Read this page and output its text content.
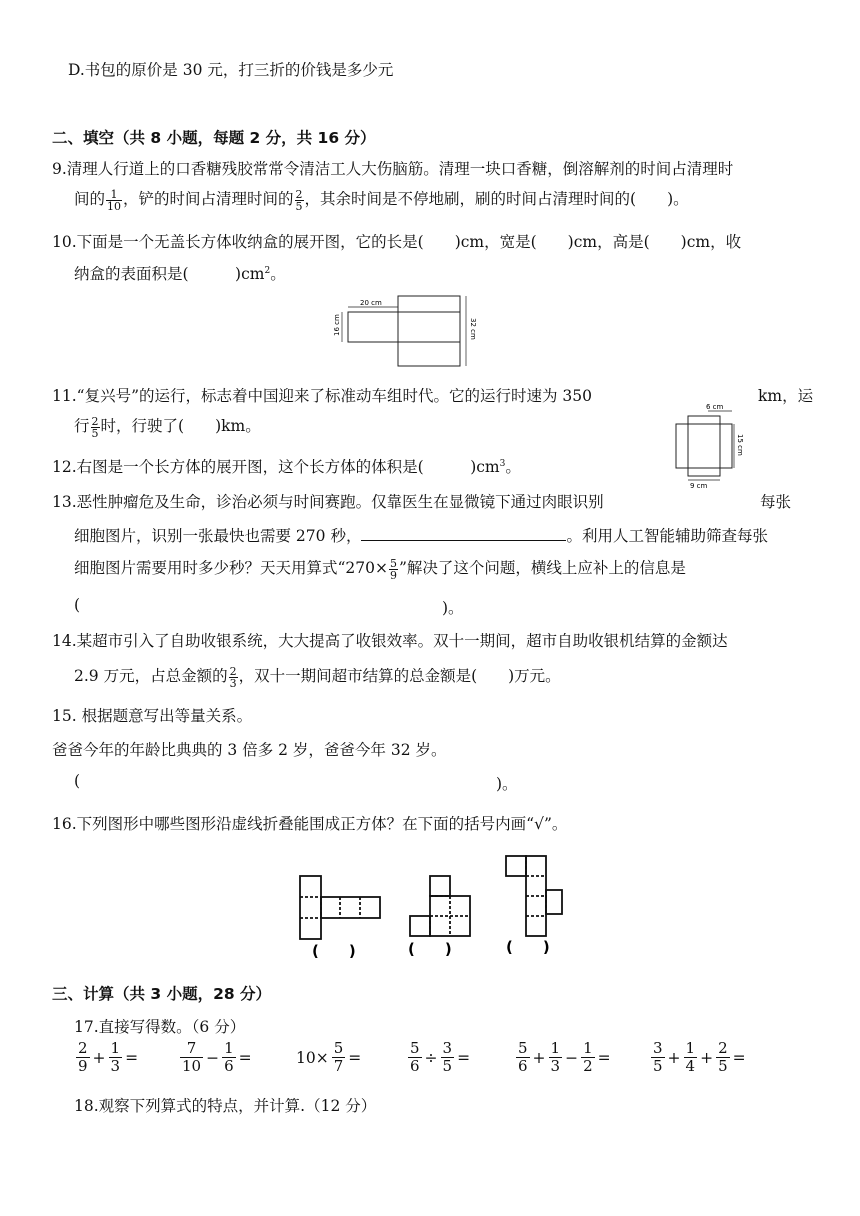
D.书包的原价是 30 元，打三折的价钱是多少元
二、填空（共 8 小题，每题 2 分，共 16 分）
9.清理人行道上的口香糖残胶常常令清洁工人大伤脑筋。清理一块口香糖，倒溶解剂的时间占清理时
间的 $\frac{1}{10}$ ，铲的时间占清理时间的 $\frac{2}{5}$ ，其余时间是不停地刷，刷的时间占清理时间的(　　)。
10.下面是一个无盖长方体收纳盒的展开图，它的长是(　　)cm，宽是(　　)cm，高是(　　)cm，收
纳盒的表面积是(　　　)$cm^2$。
20 cm
16 cm	32 cm
11.“复兴号”的运行，标志着中国迎来了标准动车组时代。它的运行时速为 350	km，运
行 $\frac{2}{5}$ 时，行驶了(　　)km。
6 cm
15 cm
9 cm
12.右图是一个长方体的展开图，这个长方体的体积是(　　　)$cm^3$。
13.恶性肿瘤危及生命，诊治必须与时间赛跑。仅靠医生在显微镜下通过肉眼识别	每张
细胞图片，识别一张最快也需要 270 秒，	。利用人工智能辅助筛查每张
细胞图片需要用时多少秒？天天用算式“$270\times \frac{5}{9}$ ”解决了这个问题，横线上应补上的信息是
(	)。
14.某超市引入了自助收银系统，大大提高了收银效率。双十一期间，超市自助收银机结算的金额达
2.9 万元，占总金额的 $\frac{2}{3}$ ，双十一期间超市结算的总金额是(　　)万元。
15. 根据题意写出等量关系。
爸爸今年的年龄比典典的 3 倍多 2 岁，爸爸今年 32 岁。
(	)。
16.下列图形中哪些图形沿虚线折叠能围成正方体？在下面的括号内画“√”。
(　　)	(　　)	(　　)
三、计算（共 3 小题，28 分）
17.直接写得数。（6 分）
$\frac{2}{9} + \frac{1}{3}$ =	$\frac{7}{10} - \frac{1}{6}$ =	$10\times \frac{5}{7}$ =	$\frac{5}{6} \div \frac{3}{5}$ =	$\frac{5}{6} + \frac{1}{3} - \frac{1}{2}$ =	$\frac{3}{5} + \frac{1}{4} + \frac{2}{5}$ =
18.观察下列算式的特点，并计算.（12 分）
